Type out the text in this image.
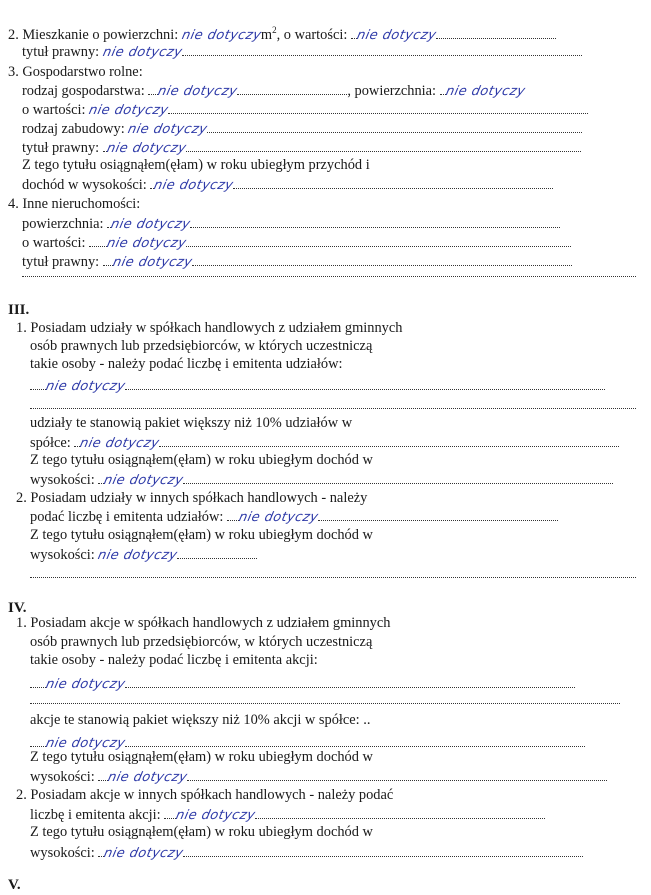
2. Mieszkanie o powierzchni: nie dotyczym$^2$, o wartości: nie dotyczy
tytuł prawny: nie dotyczy
3. Gospodarstwo rolne:
rodzaj gospodarstwa: nie dotyczy	, powierzchnia: nie dotyczy
o wartości: nie dotyczy
rodzaj zabudowy: nie dotyczy
tytuł prawny: nie dotyczy
Z tego tytułu osiągnąłem(ęłam) w roku ubiegłym przychód i
dochód w wysokości: nie dotyczy
4. Inne nieruchomości:
powierzchnia: nie dotyczy
o wartości: nie dotyczy
tytuł prawny: nie dotyczy
III.
1. Posiadam udziały w spółkach handlowych z udziałem gminnych
osób prawnych lub przedsiębiorców, w których uczestniczą
takie osoby - należy podać liczbę i emitenta udziałów:
nie dotyczy
udziały te stanowią pakiet większy niż 10% udziałów w
spółce: nie dotyczy
Z tego tytułu osiągnąłem(ęłam) w roku ubiegłym dochód w
wysokości: nie dotyczy
2. Posiadam udziały w innych spółkach handlowych - należy
podać liczbę i emitenta udziałów: nie dotyczy
Z tego tytułu osiągnąłem(ęłam) w roku ubiegłym dochód w
wysokości: nie dotyczy
IV.
1. Posiadam akcje w spółkach handlowych z udziałem gminnych
osób prawnych lub przedsiębiorców, w których uczestniczą
takie osoby - należy podać liczbę i emitenta akcji:
nie dotyczy
akcje te stanowią pakiet większy niż 10% akcji w spółce: ..
nie dotyczy
Z tego tytułu osiągnąłem(ęłam) w roku ubiegłym dochód w
wysokości: nie dotyczy
2. Posiadam akcje w innych spółkach handlowych - należy podać
liczbę i emitenta akcji: nie dotyczy
Z tego tytułu osiągnąłem(ęłam) w roku ubiegłym dochód w
wysokości: nie dotyczy
V.
